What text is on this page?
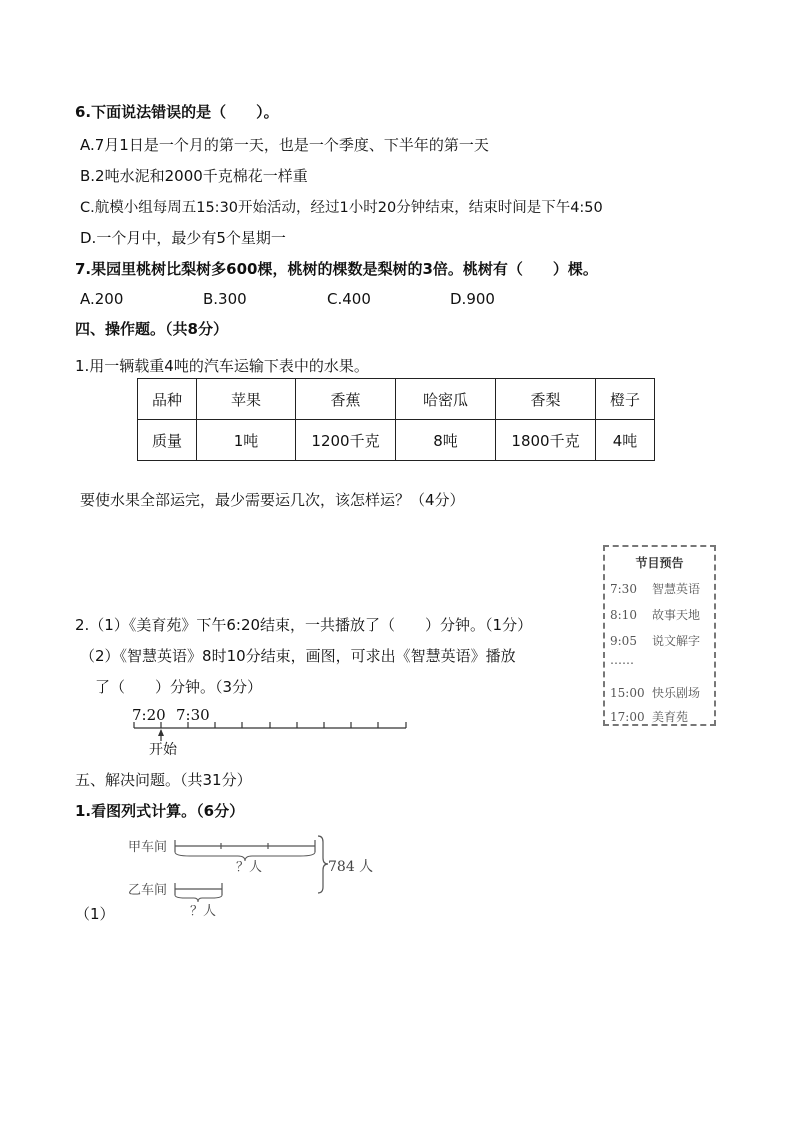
6.下面说法错误的是（　　）。
A.7月1日是一个月的第一天，也是一个季度、下半年的第一天
B.2吨水泥和2000千克棉花一样重
C.航模小组每周五15:30开始活动，经过1小时20分钟结束，结束时间是下午4:50
D.一个月中，最少有5个星期一
7.果园里桃树比梨树多600棵，桃树的棵数是梨树的3倍。桃树有（　　）棵。
A.200	B.300	C.400	D.900
四、操作题。（共8分）
1.用一辆载重4吨的汽车运输下表中的水果。
品种	苹果	香蕉	哈密瓜	香梨	橙子
质量	1吨	1200千克	8吨	1800千克	4吨
要使水果全部运完，最少需要运几次，该怎样运？（4分）
节目预告
7:30 智慧英语
8:10 故事天地
9:05 说文解字
……
15:00 快乐剧场
17:00 美育苑
2.（1）《美育苑》下午6:20结束，一共播放了（　　）分钟。（1分）
（2）《智慧英语》8时10分结束，画图，可求出《智慧英语》播放
了（　　）分钟。（3分）
7:20 7:30
开始
五、解决问题。（共31分）
1.看图列式计算。（6分）
甲车间
乙车间
？人
？人
784 人
（1）
